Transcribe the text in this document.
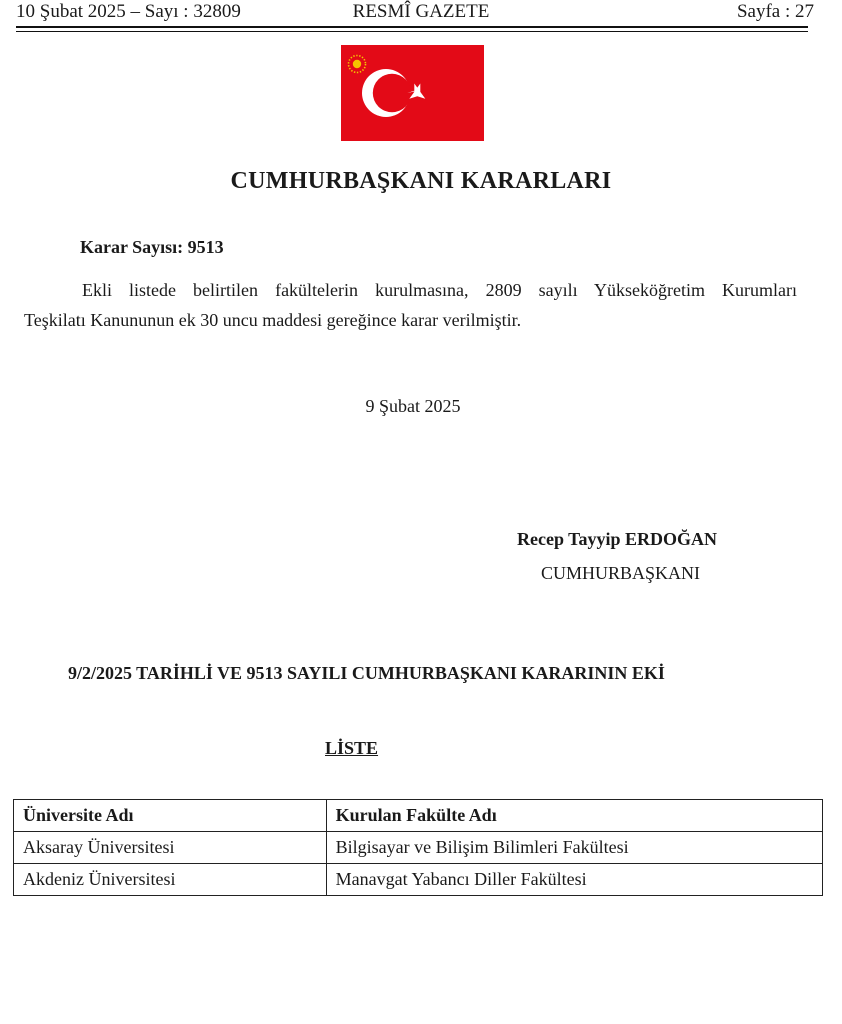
10 Şubat 2025 – Sayı : 32809	RESMÎ GAZETE	Sayfa : 27
CUMHURBAŞKANI KARARLARI
Karar Sayısı: 9513
Ekli listede belirtilen fakültelerin kurulmasına, 2809 sayılı Yükseköğretim Kurumları
Teşkilatı Kanununun ek 30 uncu maddesi gereğince karar verilmiştir.
9 Şubat 2025
Recep Tayyip ERDOĞAN
CUMHURBAŞKANI
9/2/2025 TARİHLİ VE 9513 SAYILI CUMHURBAŞKANI KARARININ EKİ
LİSTE
Üniversite Adı	Kurulan Fakülte Adı
Aksaray Üniversitesi	Bilgisayar ve Bilişim Bilimleri Fakültesi
Akdeniz Üniversitesi	Manavgat Yabancı Diller Fakültesi
